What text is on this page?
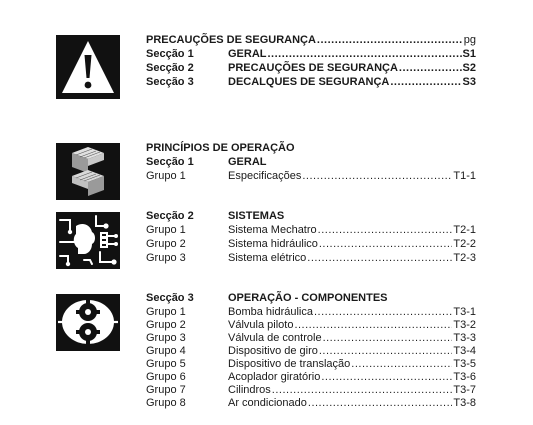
PRECAUÇÕES DE SEGURANÇA .....	pg
Secção 1	GERAL .....	S1
Secção 2	PRECAUÇÕES DE SEGURANÇA .....	S2
Secção 3	DECALQUES DE SEGURANÇA .....	S3
PRINCÍPIOS DE OPERAÇÃO
Secção 1	GERAL
Grupo 1	Especificações .....	T1-1
Secção 2	SISTEMAS
Grupo 1	Sistema Mechatro .....	T2-1
Grupo 2	Sistema hidráulico .....	T2-2
Grupo 3	Sistema elétrico .....	T2-3
Secção 3	OPERAÇÃO - COMPONENTES
Grupo 1	Bomba hidráulica .....	T3-1
Grupo 2	Válvula piloto .....	T3-2
Grupo 3	Válvula de controle .....	T3-3
Grupo 4	Dispositivo de giro .....	T3-4
Grupo 5	Dispositivo de translação .....	T3-5
Grupo 6	Acoplador giratório .....	T3-6
Grupo 7	Cilindros .....	T3-7
Grupo 8	Ar condicionado .....	T3-8
